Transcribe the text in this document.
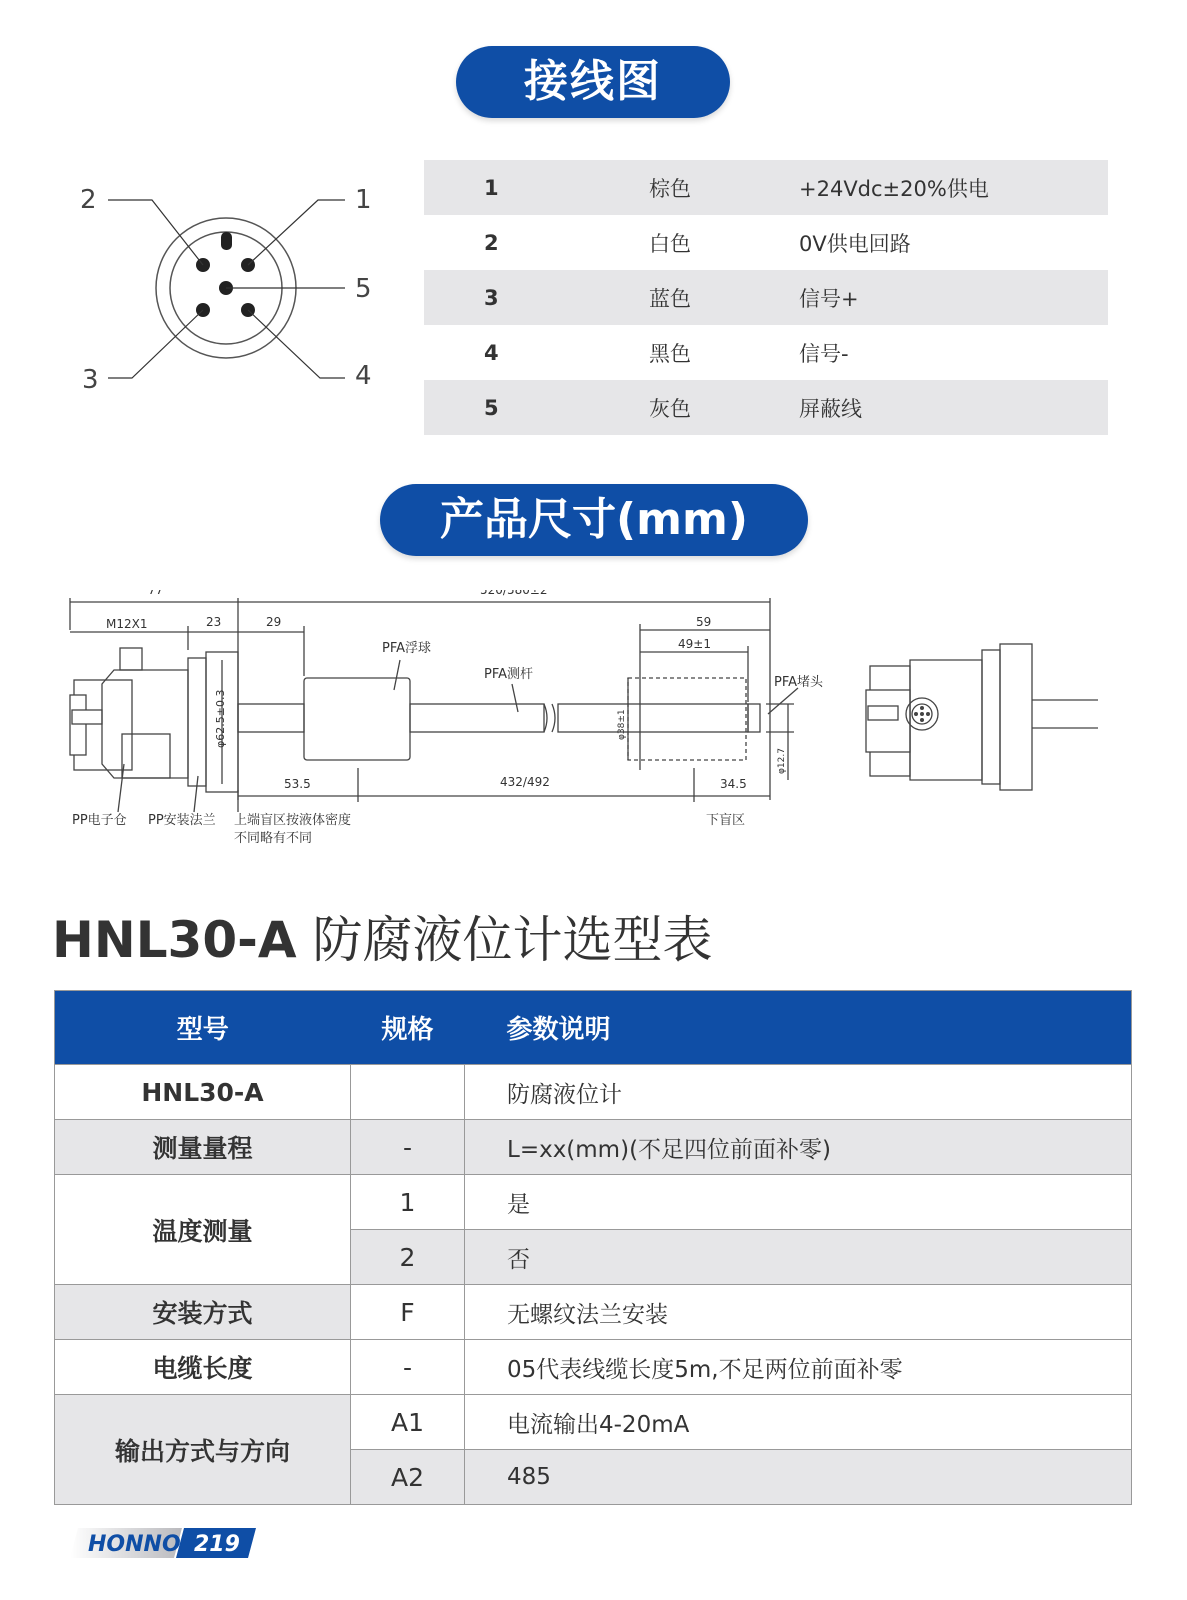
接线图
2	1
5
3	4
1	棕色	+24Vdc±20%供电
2	白色	0V供电回路
3	蓝色	信号+
4	黑色	信号-
5	灰色	屏蔽线
产品尺寸(mm)
77	520/580±2
M12X1	23	29	59
49±1
PFA浮球
PFA测杆
PFA堵头
53.5	432/492	34.5
PP电子仓 PP安装法兰 上端盲区按液体密度
不同略有不同
下盲区
φ62.5±0.3	φ38±1
φ12.7
HNL30-A 防腐液位计选型表
型号	规格	参数说明
HNL30-A		防腐液位计
测量量程	-	L=xx(mm)(不足四位前面补零)
温度测量	1	是
	2	否
安装方式	F	无螺纹法兰安装
电缆长度	-	05代表线缆长度5m,不足两位前面补零
输出方式与方向	A1	电流输出4-20mA
	A2	485
HONNO 219
